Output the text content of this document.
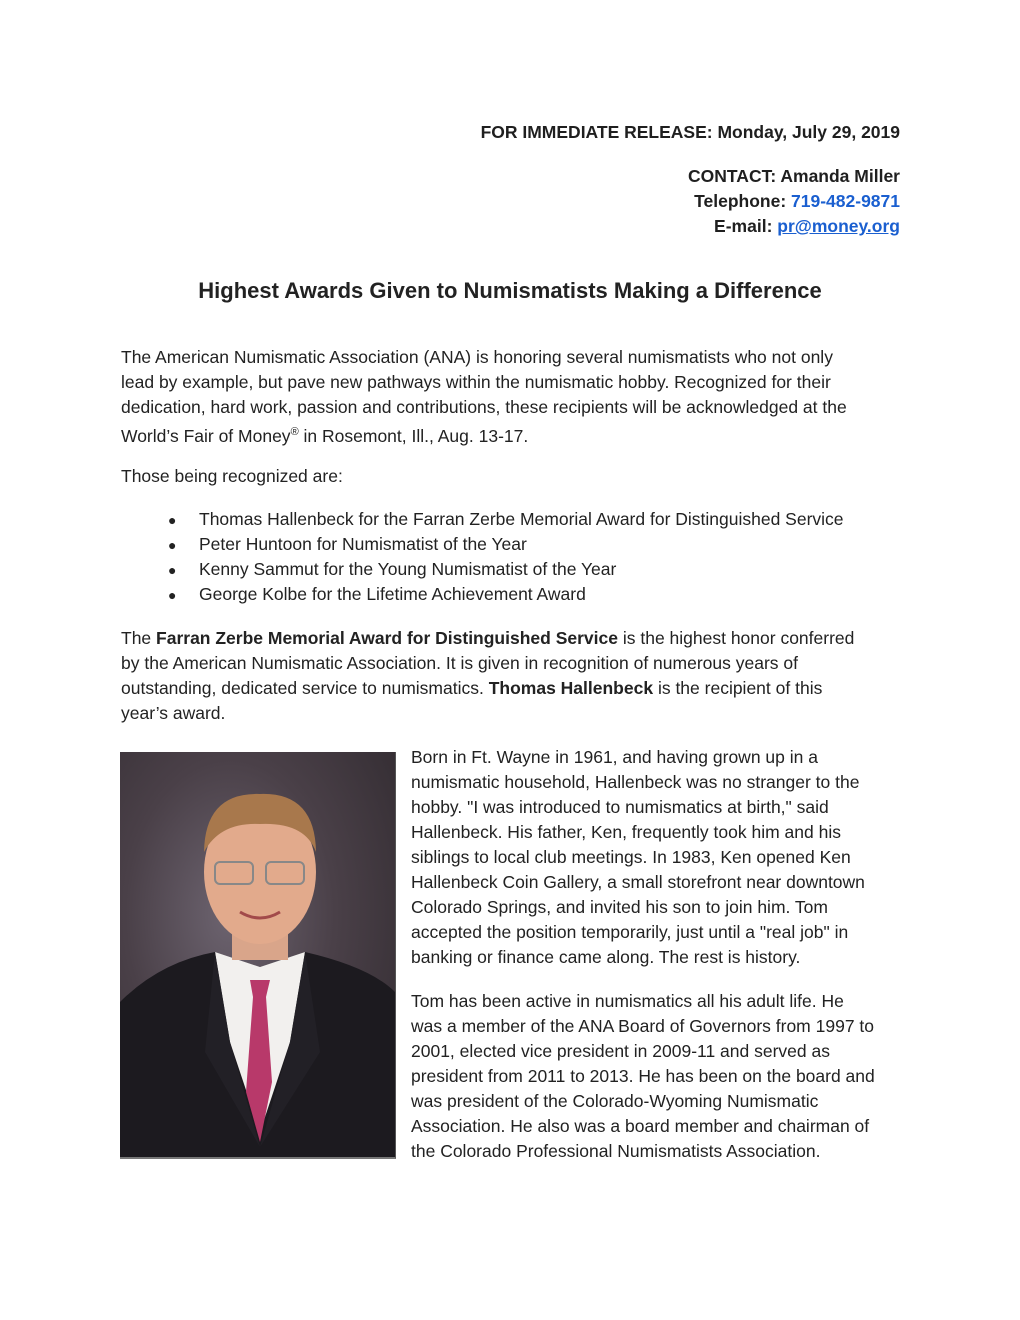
FOR IMMEDIATE RELEASE: Monday, July 29, 2019
CONTACT: Amanda Miller
Telephone: 719-482-9871
E-mail: pr@money.org
Highest Awards Given to Numismatists Making a Difference
The American Numismatic Association (ANA) is honoring several numismatists who not only
lead by example, but pave new pathways within the numismatic hobby. Recognized for their
dedication, hard work, passion and contributions, these recipients will be acknowledged at the
World’s Fair of Money® in Rosemont, Ill., Aug. 13-17.
Those being recognized are:
● Thomas Hallenbeck for the Farran Zerbe Memorial Award for Distinguished Service
● Peter Huntoon for Numismatist of the Year
● Kenny Sammut for the Young Numismatist of the Year
● George Kolbe for the Lifetime Achievement Award
The Farran Zerbe Memorial Award for Distinguished Service is the highest honor conferred
by the American Numismatic Association. It is given in recognition of numerous years of
outstanding, dedicated service to numismatics. Thomas Hallenbeck is the recipient of this
year’s award.
Born in Ft. Wayne in 1961, and having grown up in a
numismatic household, Hallenbeck was no stranger to the
hobby. "I was introduced to numismatics at birth," said
Hallenbeck. His father, Ken, frequently took him and his
siblings to local club meetings. In 1983, Ken opened Ken
Hallenbeck Coin Gallery, a small storefront near downtown
Colorado Springs, and invited his son to join him. Tom
accepted the position temporarily, just until a "real job" in
banking or finance came along. The rest is history.
Tom has been active in numismatics all his adult life. He
was a member of the ANA Board of Governors from 1997 to
2001, elected vice president in 2009-11 and served as
president from 2011 to 2013. He has been on the board and
was president of the Colorado-Wyoming Numismatic
Association. He also was a board member and chairman of
the Colorado Professional Numismatists Association.
